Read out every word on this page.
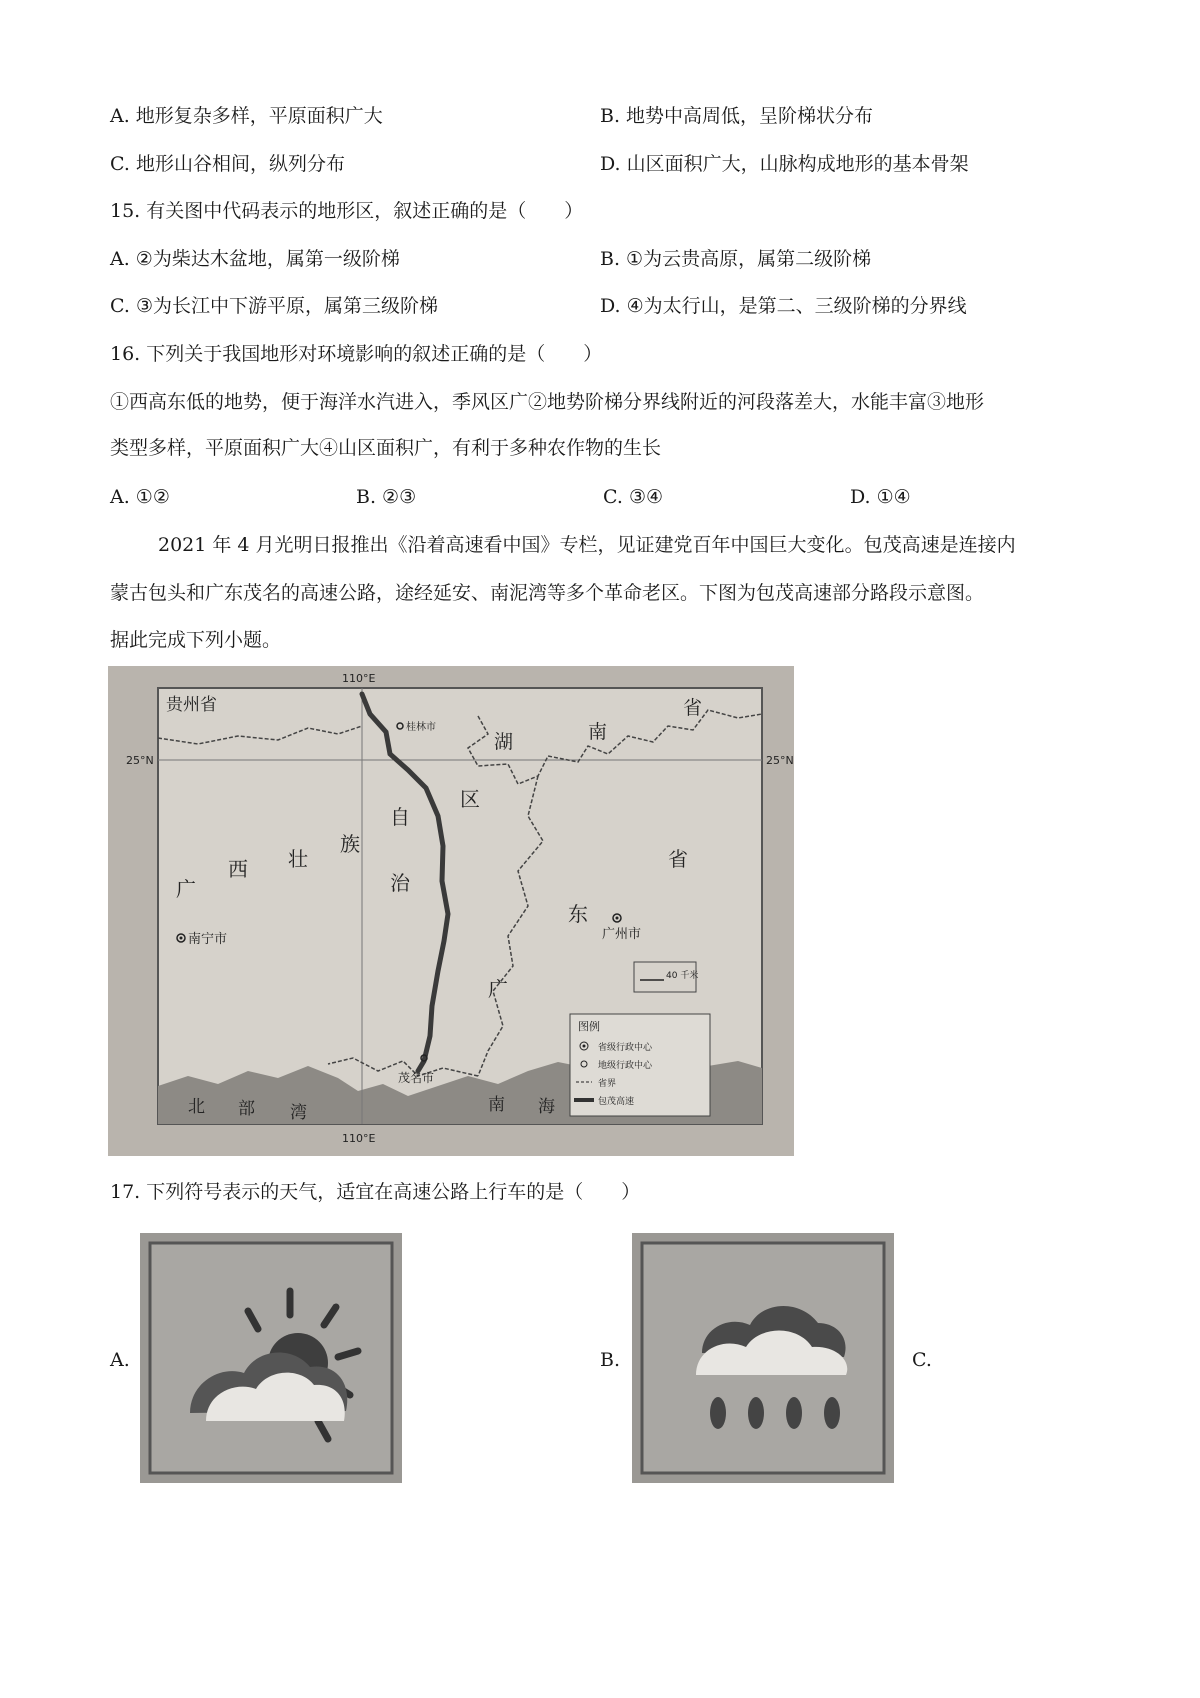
A. 地形复杂多样，平原面积广大	B. 地势中高周低，呈阶梯状分布
C. 地形山谷相间，纵列分布	D. 山区面积广大，山脉构成地形的基本骨架
15. 有关图中代码表示的地形区，叙述正确的是（　　）
A. ②为柴达木盆地，属第一级阶梯	B. ①为云贵高原，属第二级阶梯
C. ③为长江中下游平原，属第三级阶梯	D. ④为太行山，是第二、三级阶梯的分界线
16. 下列关于我国地形对环境影响的叙述正确的是（　　）
①西高东低的地势，便于海洋水汽进入，季风区广②地势阶梯分界线附近的河段落差大，水能丰富③地形
类型多样，平原面积广大④山区面积广，有利于多种农作物的生长
A. ①②	B. ②③	C. ③④	D. ①④
2021 年 4 月光明日报推出《沿着高速看中国》专栏，见证建党百年中国巨大变化。包茂高速是连接内
蒙古包头和广东茂名的高速公路，途经延安、南泥湾等多个革命老区。下图为包茂高速部分路段示意图。
据此完成下列小题。
110°E
110°E
25°N	25°N
贵州省
桂林市
湖	南
省
广
西 壮
族
自
治
区
广
东
省
南宁市	广州市
茂名市
北 部 湾	南 海
40 千米
图例
省级行政中心
地级行政中心
省界
包茂高速
17. 下列符号表示的天气，适宜在高速公路上行车的是（　　）
A.	B.	C.
